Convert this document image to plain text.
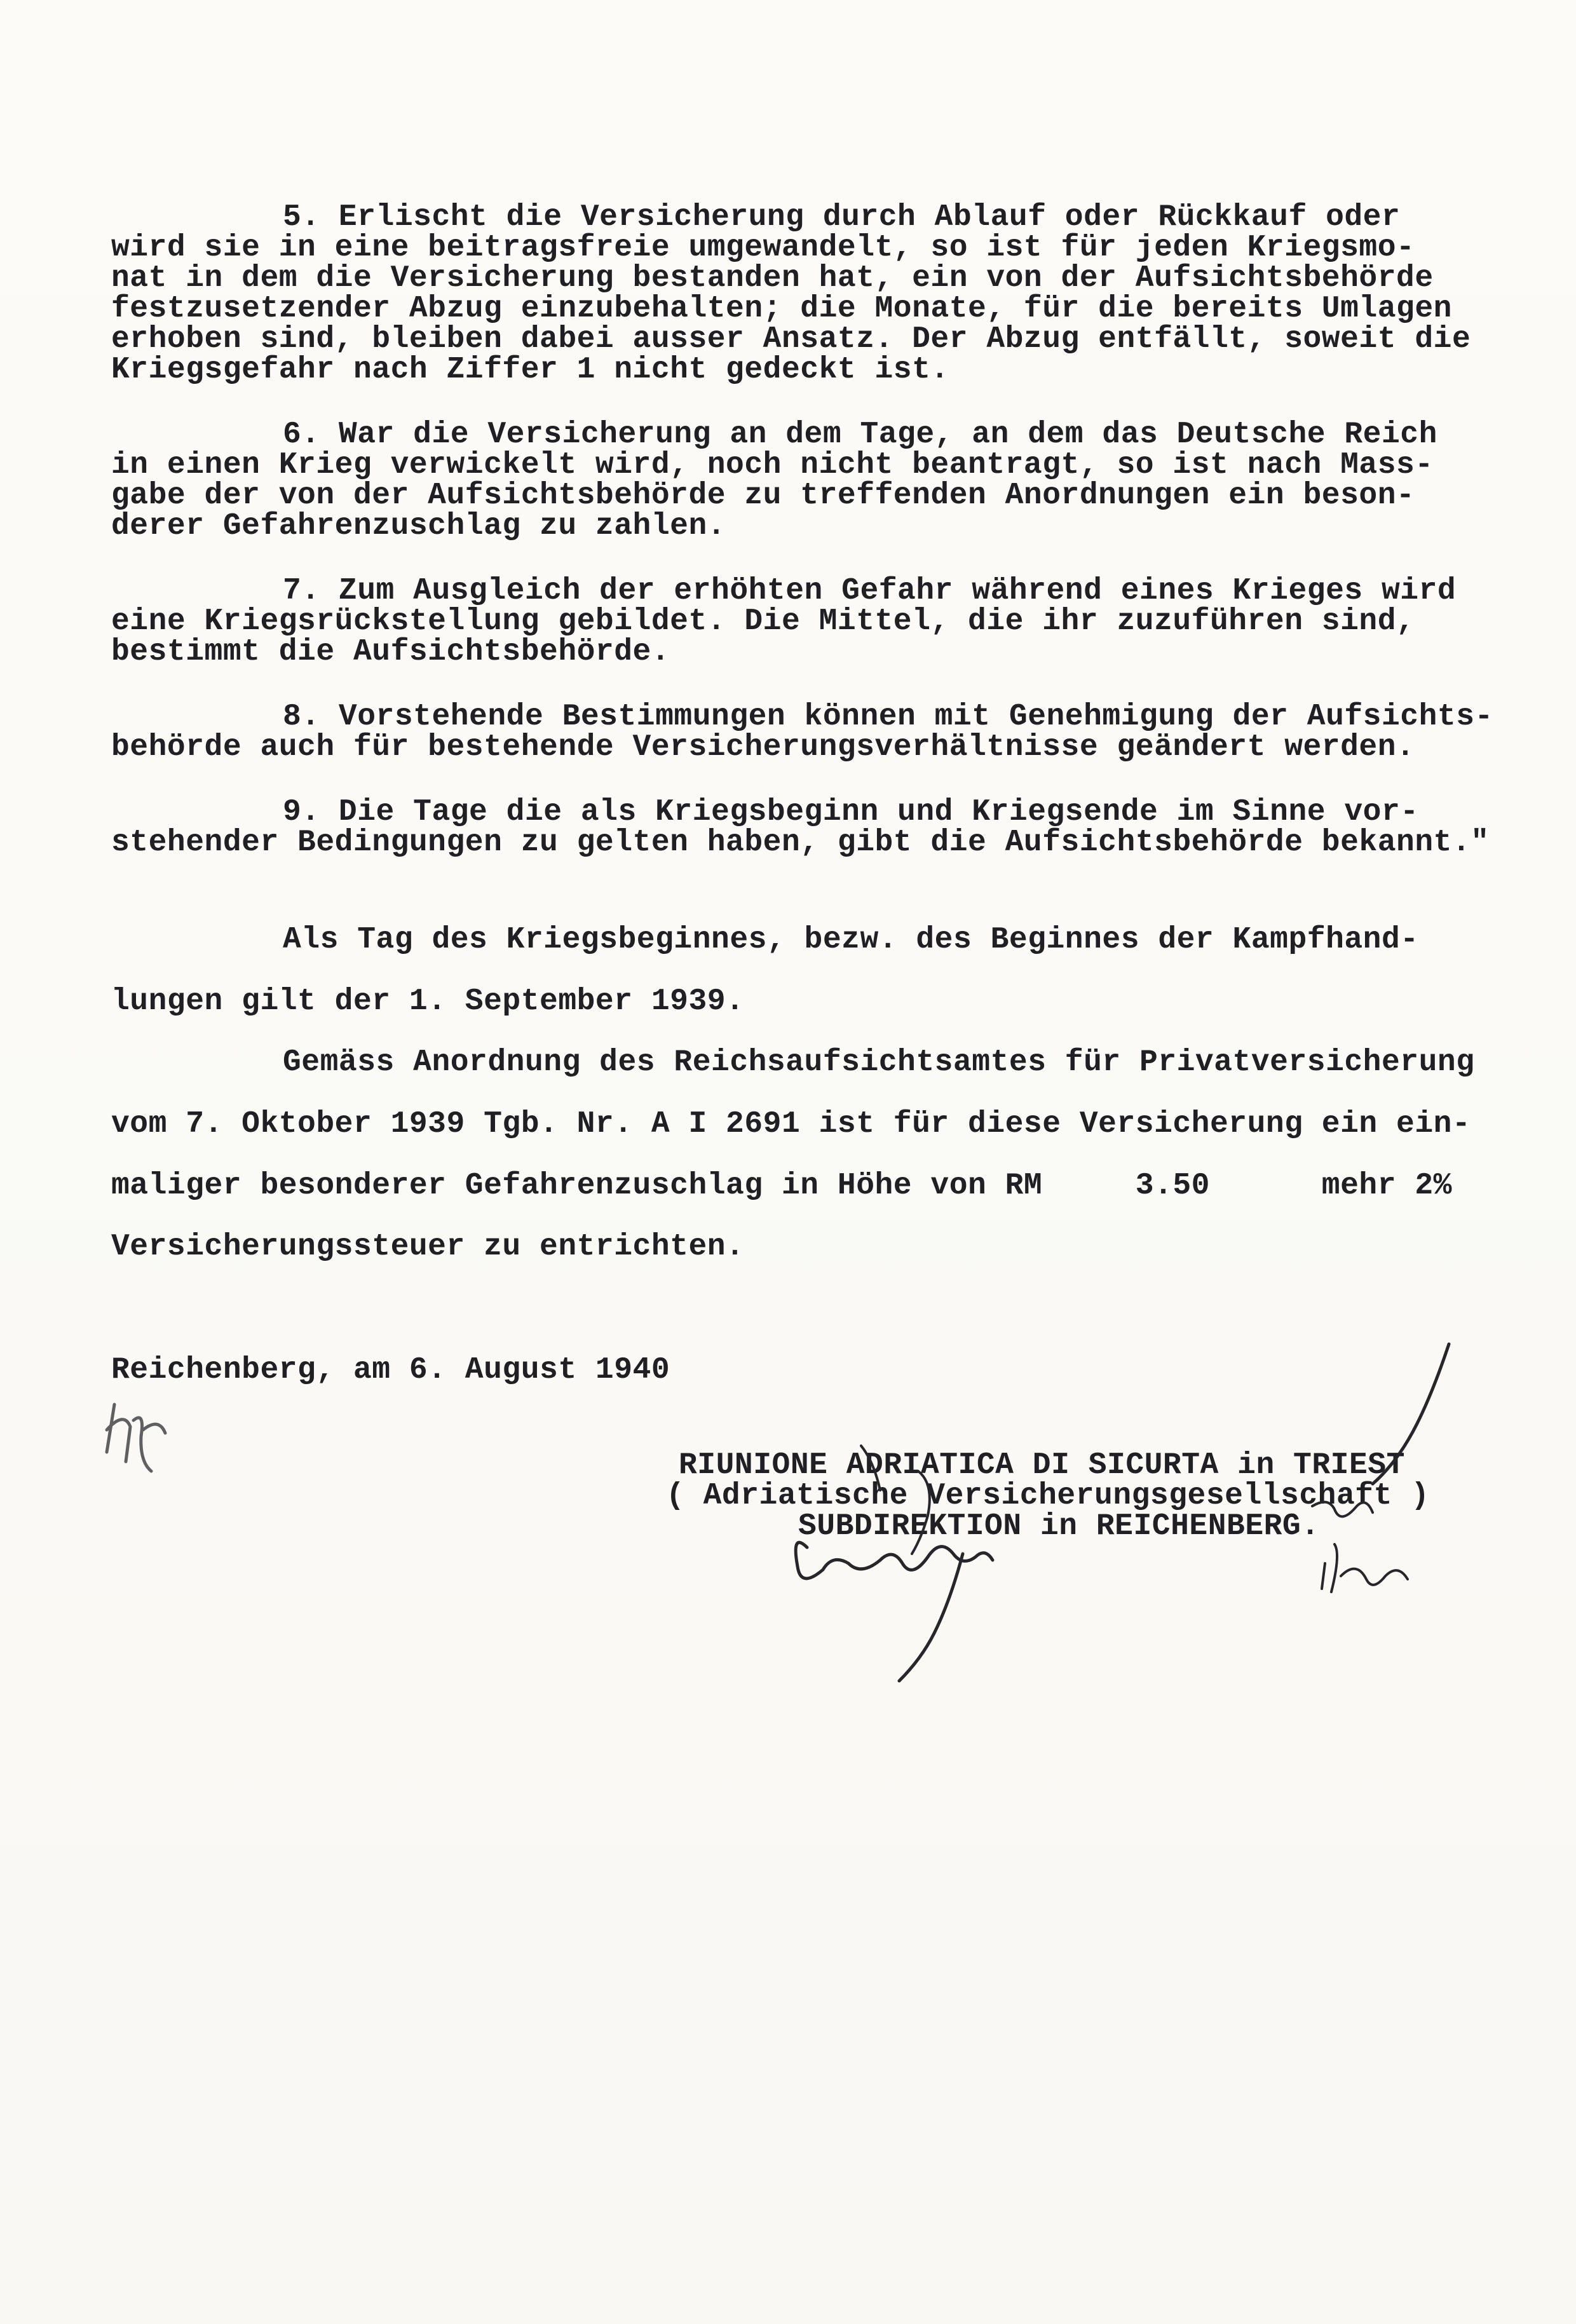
5. Erlischt die Versicherung durch Ablauf oder Rückkauf oder
wird sie in eine beitragsfreie umgewandelt, so ist für jeden Kriegsmo-
nat in dem die Versicherung bestanden hat, ein von der Aufsichtsbehörde
festzusetzender Abzug einzubehalten; die Monate, für die bereits Umlagen
erhoben sind, bleiben dabei ausser Ansatz. Der Abzug entfällt, soweit die
Kriegsgefahr nach Ziffer 1 nicht gedeckt ist.
6. War die Versicherung an dem Tage, an dem das Deutsche Reich
in einen Krieg verwickelt wird, noch nicht beantragt, so ist nach Mass-
gabe der von der Aufsichtsbehörde zu treffenden Anordnungen ein beson-
derer Gefahrenzuschlag zu zahlen.
7. Zum Ausgleich der erhöhten Gefahr während eines Krieges wird
eine Kriegsrückstellung gebildet. Die Mittel, die ihr zuzuführen sind,
bestimmt die Aufsichtsbehörde.
8. Vorstehende Bestimmungen können mit Genehmigung der Aufsichts-
behörde auch für bestehende Versicherungsverhältnisse geändert werden.
9. Die Tage die als Kriegsbeginn und Kriegsende im Sinne vor-
stehender Bedingungen zu gelten haben, gibt die Aufsichtsbehörde bekannt."
Als Tag des Kriegsbeginnes, bezw. des Beginnes der Kampfhand-
lungen gilt der 1. September 1939.
Gemäss Anordnung des Reichsaufsichtsamtes für Privatversicherung
vom 7. Oktober 1939 Tgb. Nr. A I 2691 ist für diese Versicherung ein ein-
maliger besonderer Gefahrenzuschlag in Höhe von RM     3.50      mehr 2%
Versicherungssteuer zu entrichten.
Reichenberg, am 6. August 1940
RIUNIONE ADRIATICA DI SICURTA in TRIEST
( Adriatische Versicherungsgesellschaft )
SUBDIREKTION in REICHENBERG.
